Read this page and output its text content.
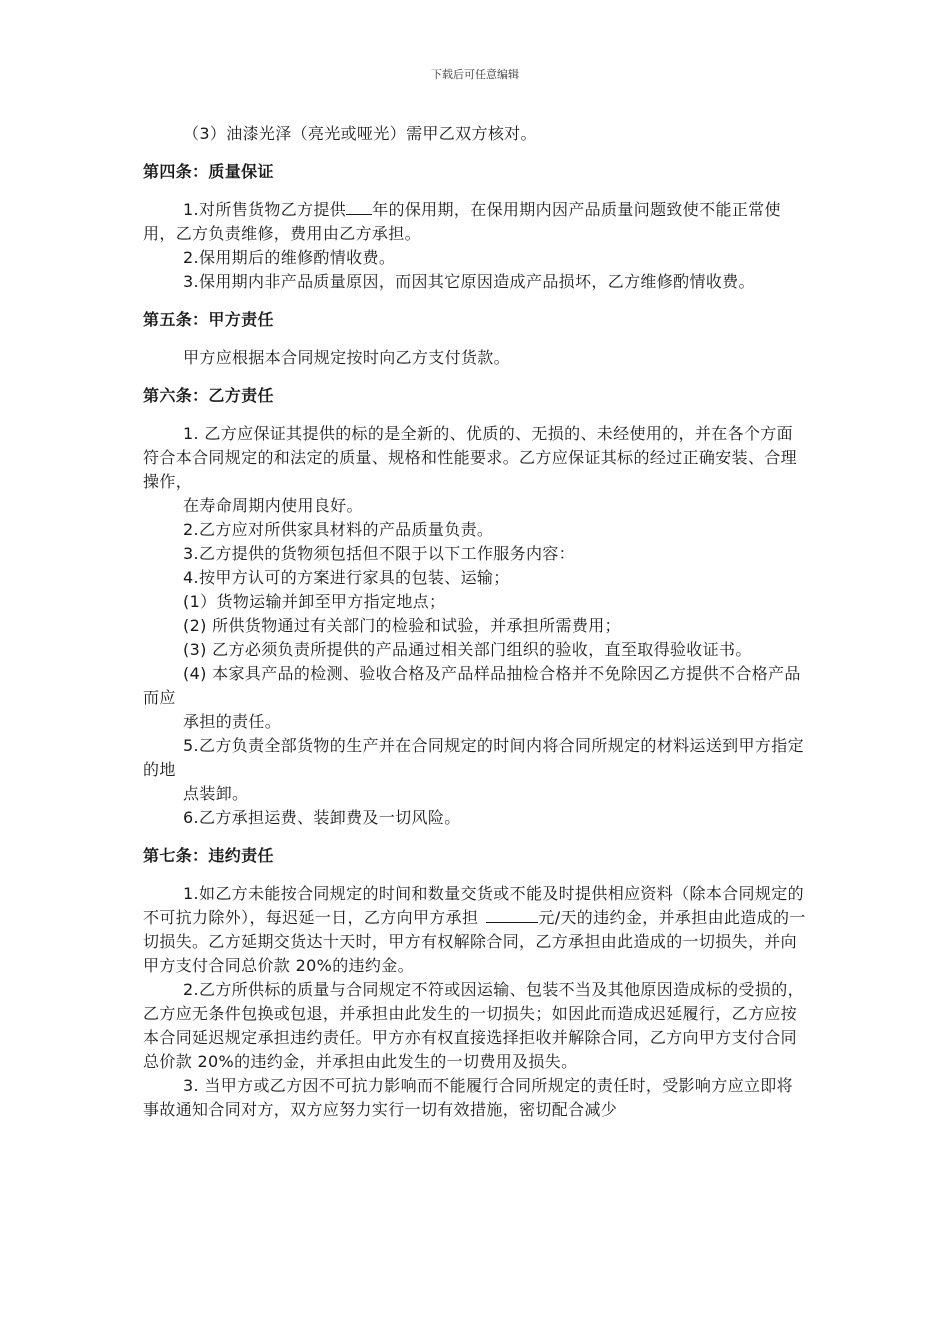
下载后可任意编辑

（3）油漆光泽（亮光或哑光）需甲乙双方核对。

第四条：质量保证

1.对所售货物乙方提供 年的保用期，在保用期内因产品质量问题致使不能正常使用，乙方负责维修，费用由乙方承担。

2.保用期后的维修酌情收费。

3.保用期内非产品质量原因，而因其它原因造成产品损坏，乙方维修酌情收费。

第五条：甲方责任

甲方应根据本合同规定按时向乙方支付货款。

第六条：乙方责任

1. 乙方应保证其提供的标的是全新的、优质的、无损的、未经使用的，并在各个方面符合本合同规定的和法定的质量、规格和性能要求。乙方应保证其标的经过正确安装、合理操作，

在寿命周期内使用良好。

2.乙方应对所供家具材料的产品质量负责。

3.乙方提供的货物须包括但不限于以下工作服务内容：

4.按甲方认可的方案进行家具的包装、运输；

(1）货物运输并卸至甲方指定地点；

(2) 所供货物通过有关部门的检验和试验，并承担所需费用；

(3) 乙方必须负责所提供的产品通过相关部门组织的验收，直至取得验收证书。

(4) 本家具产品的检测、验收合格及产品样品抽检合格并不免除因乙方提供不合格产品而应

承担的责任。

5.乙方负责全部货物的生产并在合同规定的时间内将合同所规定的材料运送到甲方指定的地

点装卸。

6.乙方承担运费、装卸费及一切风险。

第七条：违约责任

1.如乙方未能按合同规定的时间和数量交货或不能及时提供相应资料（除本合同规定的不可抗力除外），每迟延一日，乙方向甲方承担	元/天的违约金，并承担由此造成的一切损失。乙方延期交货达十天时，甲方有权解除合同，乙方承担由此造成的一切损失，并向甲方支付合同总价款 20%的违约金。

2.乙方所供标的质量与合同规定不符或因运输、包装不当及其他原因造成标的受损的，乙方应无条件包换或包退，并承担由此发生的一切损失；如因此而造成迟延履行，乙方应按本合同延迟规定承担违约责任。甲方亦有权直接选择拒收并解除合同，乙方向甲方支付合同总价款 20%的违约金，并承担由此发生的一切费用及损失。

3. 当甲方或乙方因不可抗力影响而不能履行合同所规定的责任时，受影响方应立即将事故通知合同对方，双方应努力实行一切有效措施，密切配合减少
